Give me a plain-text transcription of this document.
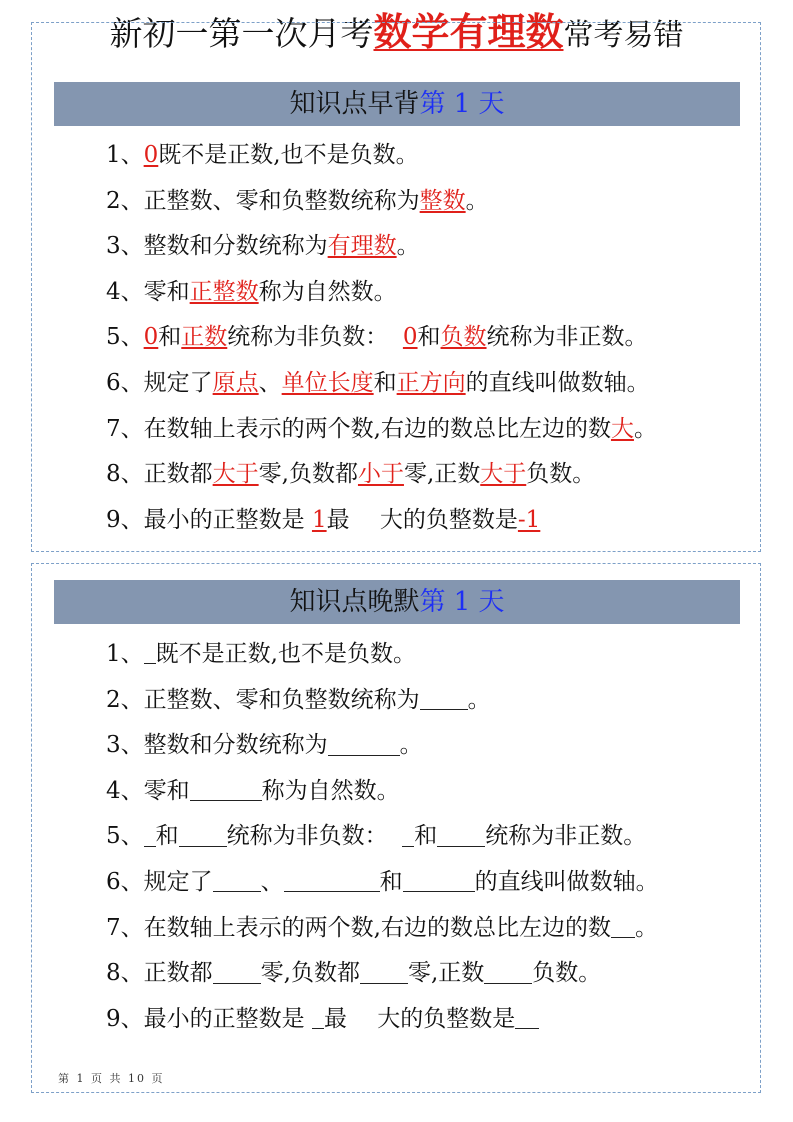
新初一第一次月考数学有理数常考易错
知识点早背第 1 天
1、0既不是正数,也不是负数。
2、正整数、零和负整数统称为整数。
3、整数和分数统称为有理数。
4、零和正整数称为自然数。
5、0和正数统称为非负数： 0和负数统称为非正数。
6、规定了原点、单位长度和正方向的直线叫做数轴。
7、在数轴上表示的两个数,右边的数总比左边的数大。
8、正数都大于零,负数都小于零,正数大于负数。
9、最小的正整数是 1最　 大的负整数是-1
知识点晚默第 1 天
1、 既不是正数,也不是负数。
2、正整数、零和负整数统称为 。
3、整数和分数统称为	。
4、零和	称为自然数。
5、 和 统称为非负数： 和 统称为非正数。
6、规定了 、	和	的直线叫做数轴。
7、在数轴上表示的两个数,右边的数总比左边的数 。
8、正数都 零,负数都 零,正数 负数。
9、最小的正整数是 最　 大的负整数是
第 1 页 共 10 页
